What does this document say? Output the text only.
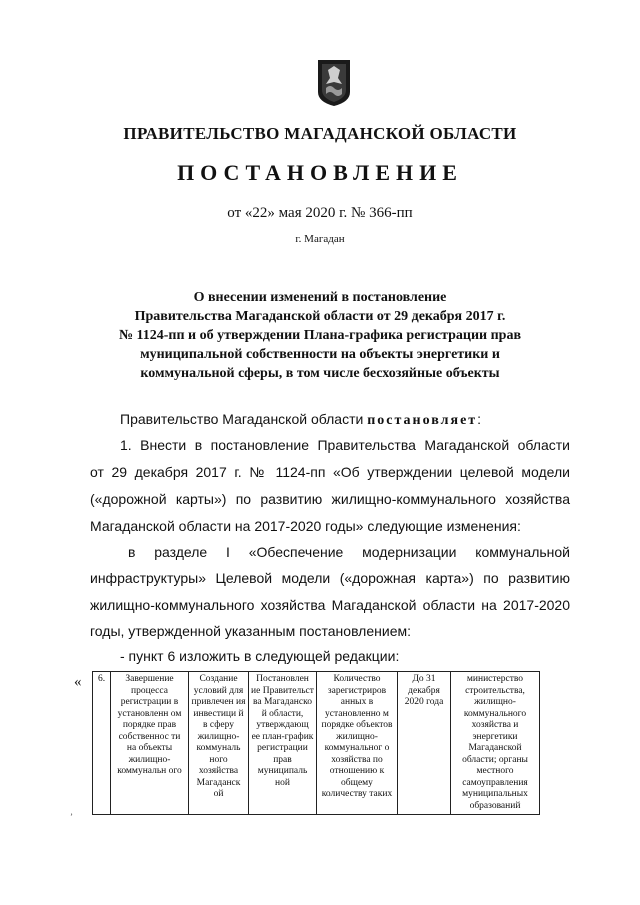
ПРАВИТЕЛЬСТВО МАГАДАНСКОЙ ОБЛАСТИ
ПОСТАНОВЛЕНИЕ
от «22» мая 2020 г. № 366-пп
г. Магадан
О внесении изменений в постановление
Правительства Магаданской области от 29 декабря 2017 г.
№ 1124-пп и об утверждении Плана-графика регистрации прав
муниципальной собственности на объекты энергетики и
коммунальной сферы, в том числе бесхозяйные объекты
Правительство Магаданской области постановляет:
1. Внести в постановление Правительства Магаданской области
от 29 декабря 2017 г. № 1124-пп «Об утверждении целевой модели
(«дорожной карты») по развитию жилищно-коммунального хозяйства
Магаданской области на 2017-2020 годы» следующие изменения:
в разделе I «Обеспечение модернизации коммунальной
инфраструктуры» Целевой модели («дорожная карта») по развитию
жилищно-коммунального хозяйства Магаданской области на 2017-2020
годы, утвержденной указанным постановлением:
- пункт 6 изложить в следующей редакции:
« 6.	Завершение процесса регистрации в установленн ом порядке прав собственнос ти на объекты жилищно-коммунальн ого	Создание условий для привлечен ия инвестици й в сферу жилищно-коммуналь ного хозяйства Магаданск ой	Постановлен ие Правительст ва Магаданско й области, утверждающ ее план-график регистрации прав муниципаль ной	Количество зарегистриров анных в установленно м порядке объектов жилищно-коммунальног о хозяйства по отношению к общему количеству таких	До 31 декабря 2020 года	министерство строительства, жилищно-коммунального хозяйства и энергетики Магаданской области; органы местного самоуправления муниципальных образований
ʼ
